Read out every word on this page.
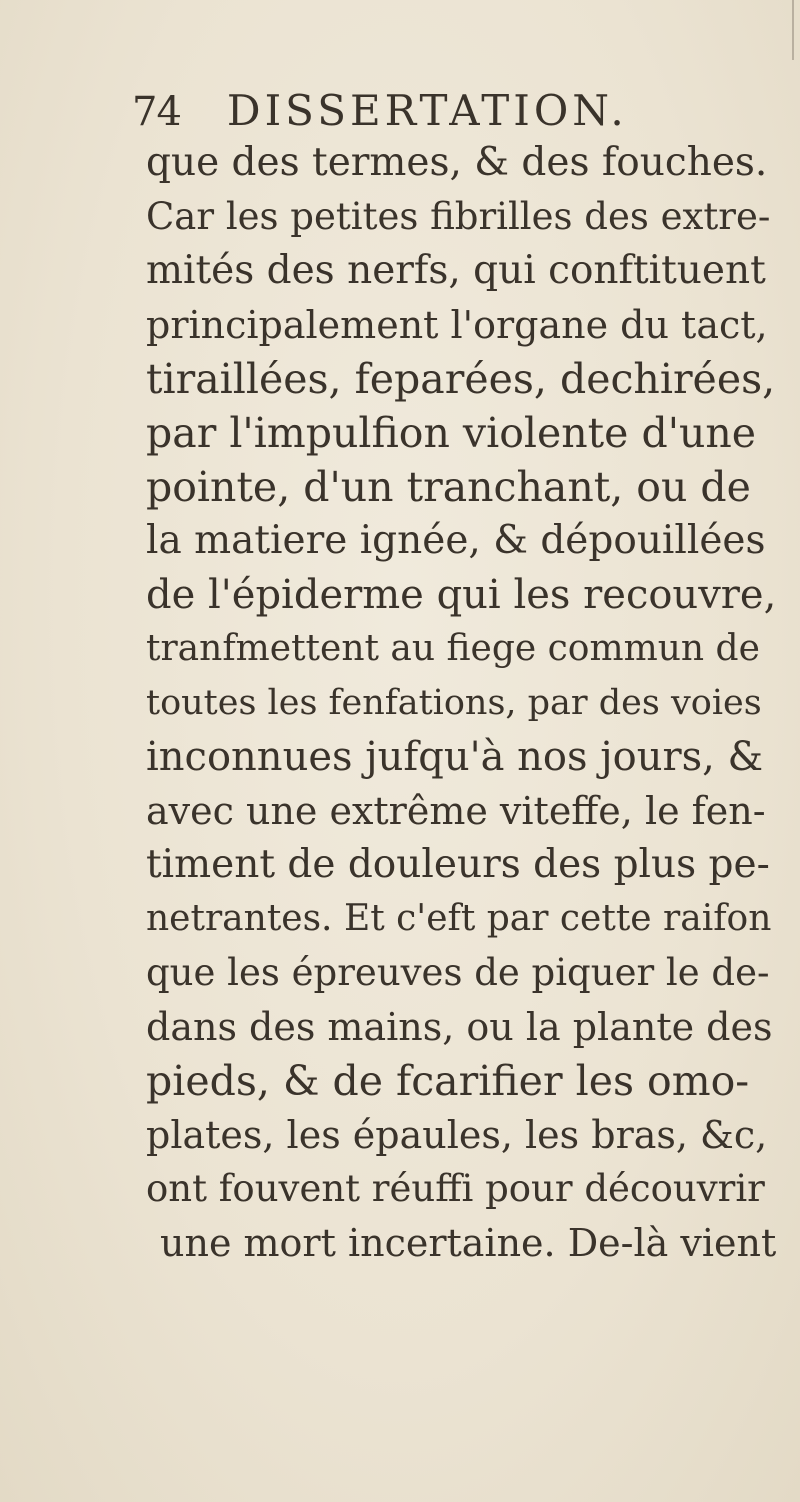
74 DISSERTATION.
que des termes, & des fouches.
Car les petites fibrilles des extre-
mités des nerfs, qui conftituent
principalement l'organe du tact,
tiraillées, feparées, dechirées,
par l'impulfion violente d'une
pointe, d'un tranchant, ou de
la matiere ignée, & dépouillées
de l'épiderme qui les recouvre,
tranfmettent au fiege commun de
toutes les fenfations, par des voies
inconnues jufqu'à nos jours, &
avec une extrême viteffe, le fen-
timent de douleurs des plus pe-
netrantes. Et c'eft par cette raifon
que les épreuves de piquer le de-
dans des mains, ou la plante des
pieds, & de fcarifier les omo-
plates, les épaules, les bras, &c,
ont fouvent réuffi pour découvrir
une mort incertaine. De-là vient
